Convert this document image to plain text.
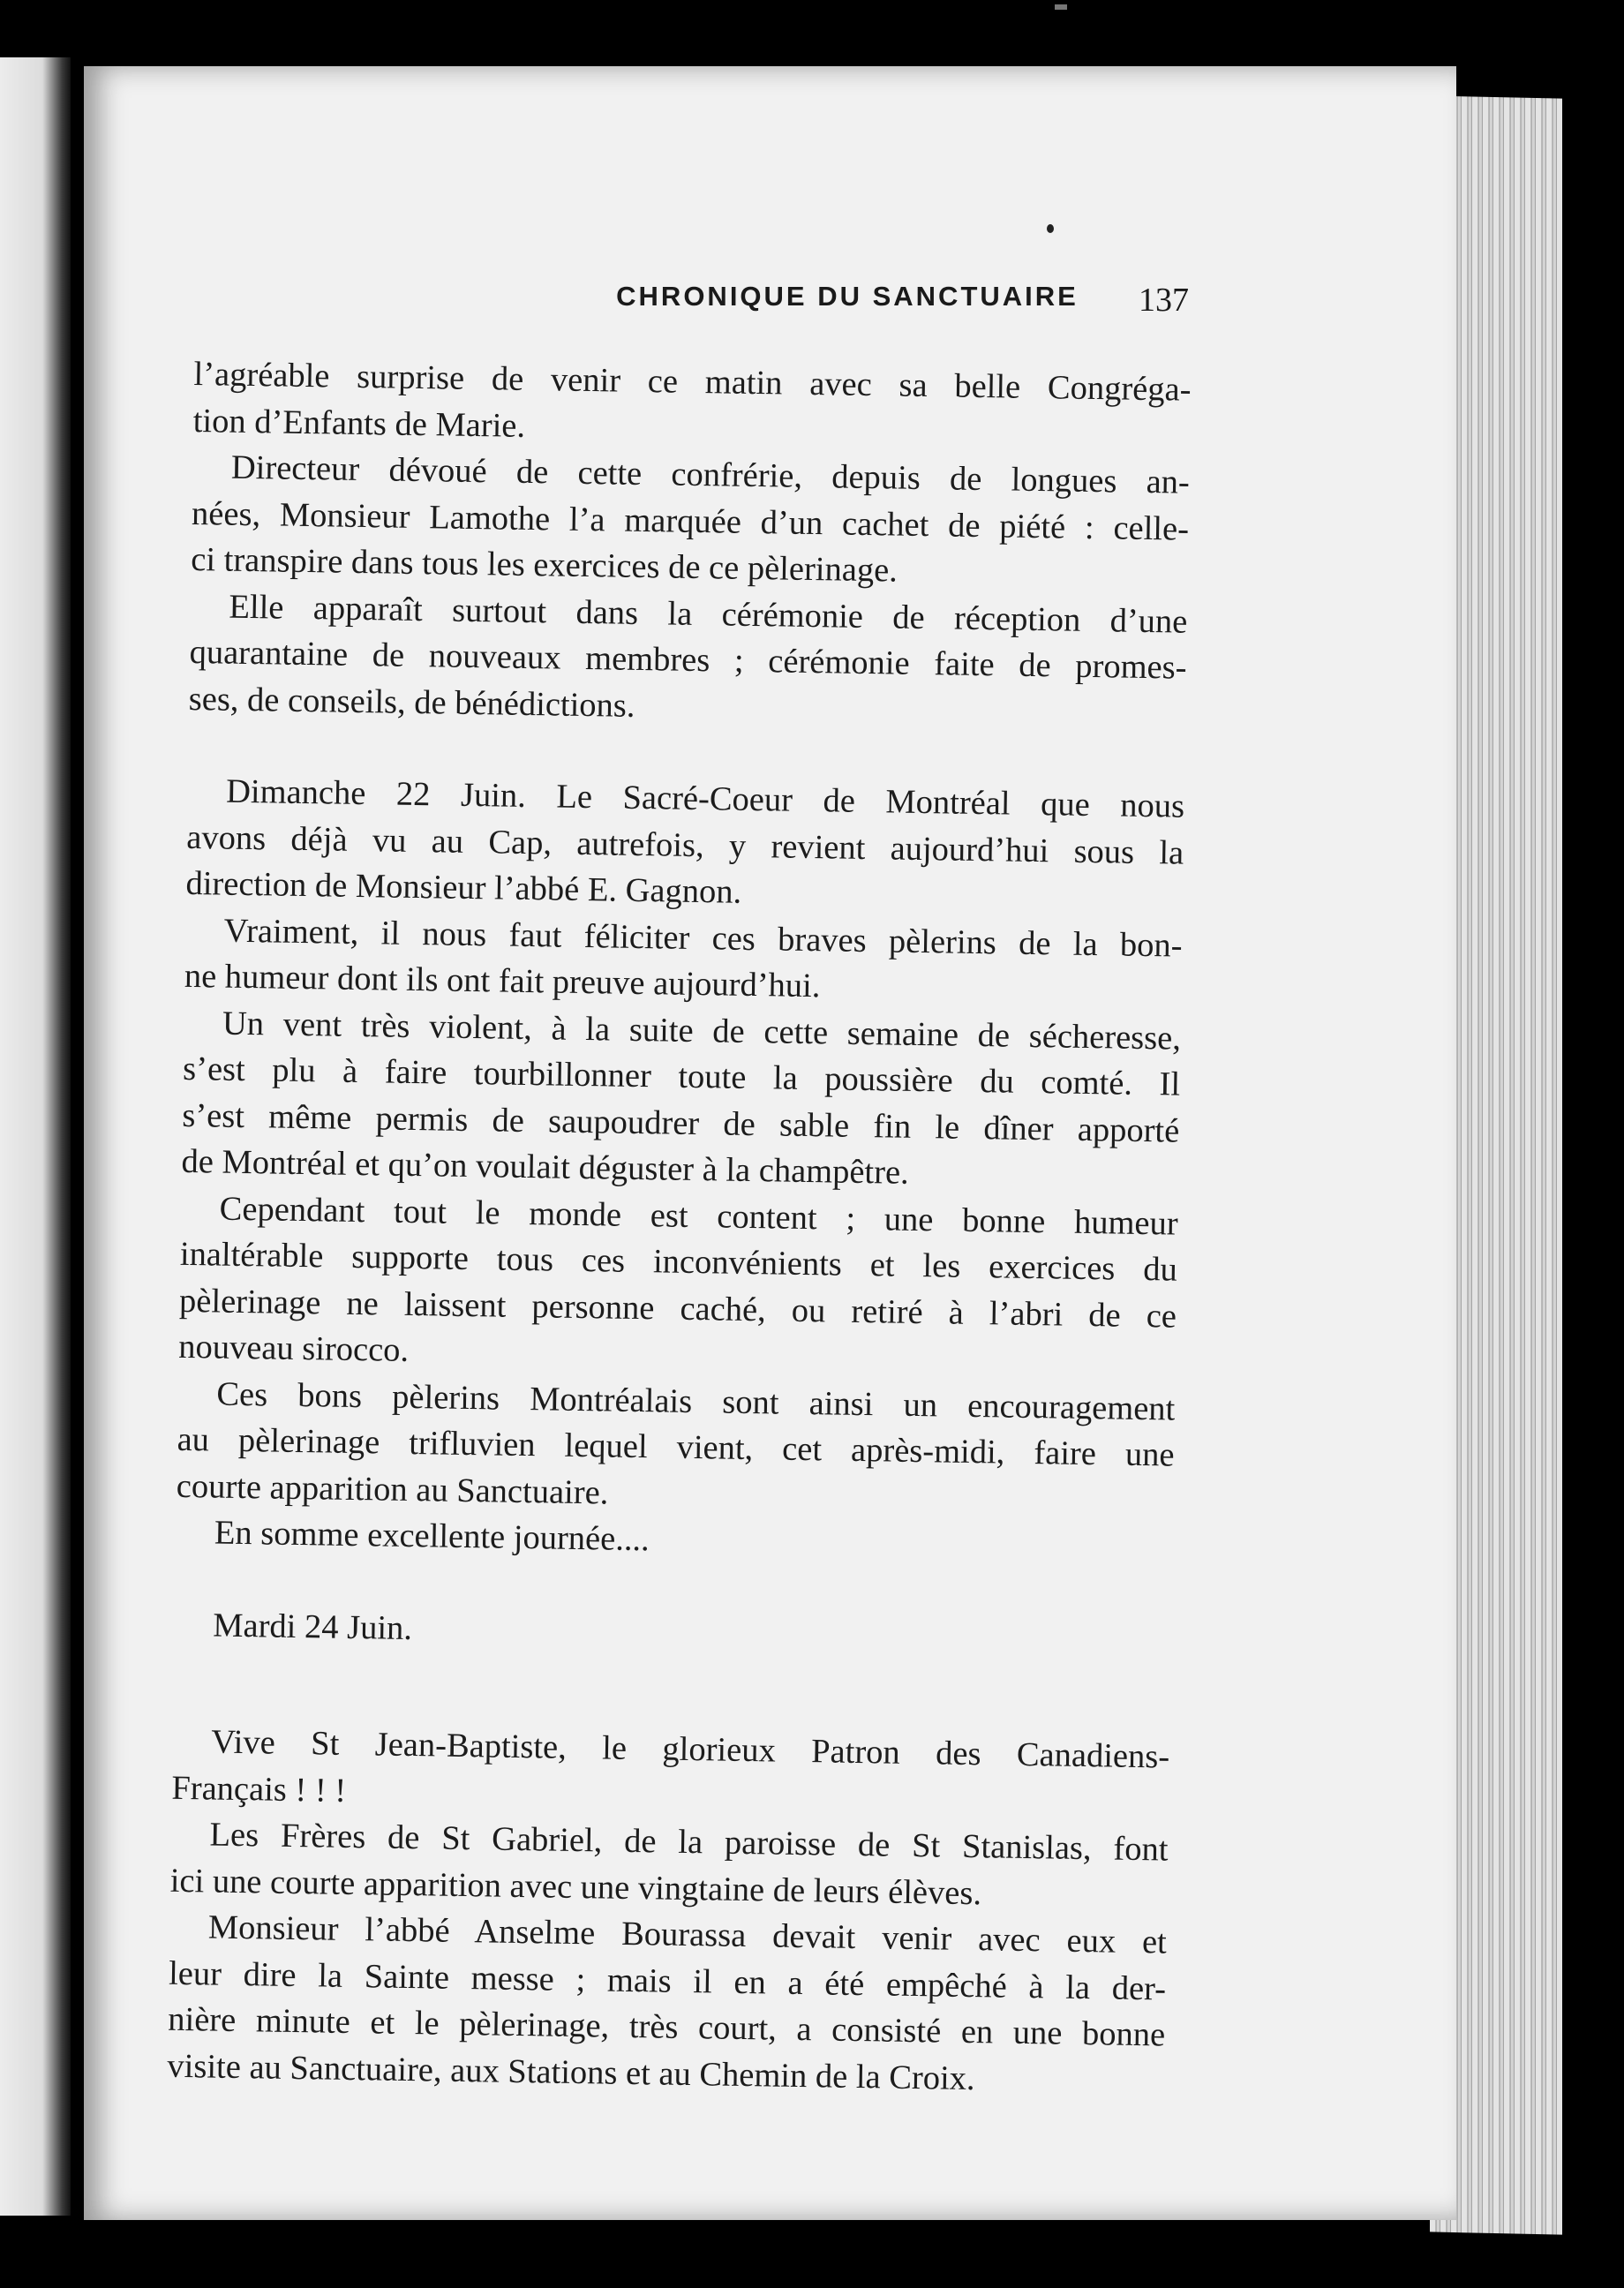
CHRONIQUE DU SANCTUAIRE	137
l’agréable surprise de venir ce matin avec sa belle Congréga-
tion d’Enfants de Marie.
Directeur dévoué de cette confrérie, depuis de longues an-
nées, Monsieur Lamothe l’a marquée d’un cachet de piété : celle-
ci transpire dans tous les exercices de ce pèlerinage.
Elle apparaît surtout dans la cérémonie de réception d’une
quarantaine de nouveaux membres ; cérémonie faite de promes-
ses, de conseils, de bénédictions.
Dimanche 22 Juin. Le Sacré-Coeur de Montréal que nous
avons déjà vu au Cap, autrefois, y revient aujourd’hui sous la
direction de Monsieur l’abbé E. Gagnon.
Vraiment, il nous faut féliciter ces braves pèlerins de la bon-
ne humeur dont ils ont fait preuve aujourd’hui.
Un vent très violent, à la suite de cette semaine de sécheresse,
s’est plu à faire tourbillonner toute la poussière du comté. Il
s’est même permis de saupoudrer de sable fin le dîner apporté
de Montréal et qu’on voulait déguster à la champêtre.
Cependant tout le monde est content ; une bonne humeur
inaltérable supporte tous ces inconvénients et les exercices du
pèlerinage ne laissent personne caché, ou retiré à l’abri de ce
nouveau sirocco.
Ces bons pèlerins Montréalais sont ainsi un encouragement
au pèlerinage trifluvien lequel vient, cet après-midi, faire une
courte apparition au Sanctuaire.
En somme excellente journée....
Mardi 24 Juin.
Vive St Jean-Baptiste, le glorieux Patron des Canadiens-
Français ! ! !
Les Frères de St Gabriel, de la paroisse de St Stanislas, font
ici une courte apparition avec une vingtaine de leurs élèves.
Monsieur l’abbé Anselme Bourassa devait venir avec eux et
leur dire la Sainte messe ; mais il en a été empêché à la der-
nière minute et le pèlerinage, très court, a consisté en une bonne
visite au Sanctuaire, aux Stations et au Chemin de la Croix.
